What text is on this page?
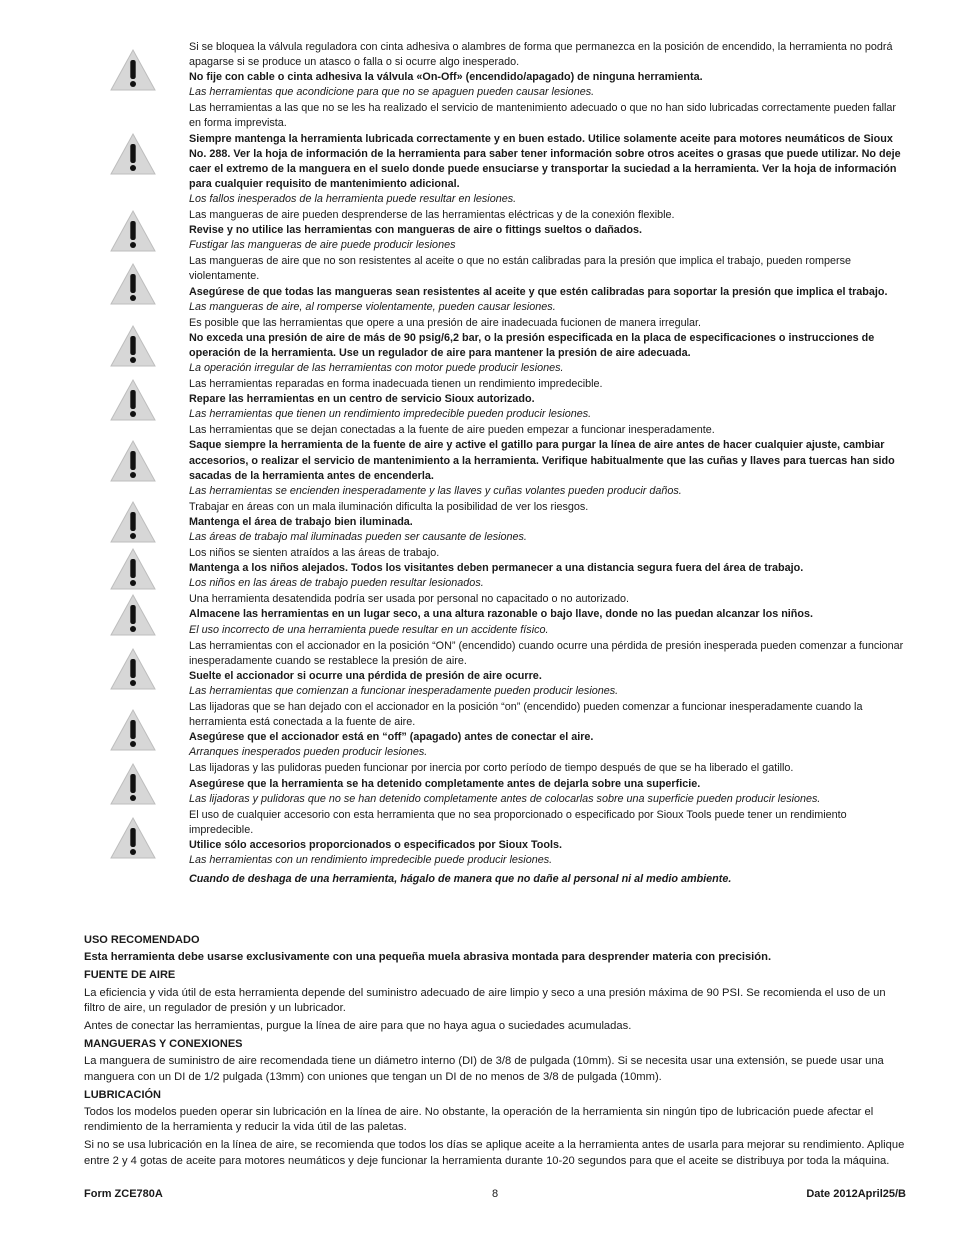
Si se bloquea la válvula reguladora con cinta adhesiva o alambres de forma que permanezca en la posición de encendido, la herramienta no podrá apagarse si se produce un atasco o falla o si ocurre algo inesperado.

No fije con cable o cinta adhesiva la válvula «On-Off» (encendido/apagado) de ninguna herramienta.

Las herramientas que acondicione para que no se apaguen pueden causar lesiones.

Las herramientas a las que no se les ha realizado el servicio de mantenimiento adecuado o que no han sido lubricadas correctamente pueden fallar en forma imprevista.

Siempre mantenga la herramienta lubricada correctamente y en buen estado. Utilice solamente aceite para motores neumáticos de Sioux No. 288. Ver la hoja de información de la herramienta para saber tener información sobre otros aceites o grasas que puede utilizar. No deje caer el extremo de la manguera en el suelo donde puede ensuciarse y transportar la suciedad a la herramienta. Ver la hoja de información para cualquier requisito de mantenimiento adicional.

Los fallos inesperados de la herramienta puede resultar en lesiones.

Las mangueras de aire pueden desprenderse de las herramientas eléctricas y de la conexión flexible.

Revise y no utilice las herramientas con mangueras de aire o fittings sueltos o dañados.

Fustigar las mangueras de aire puede producir lesiones

Las mangueras de aire que no son resistentes al aceite o que no están calibradas para la presión que implica el trabajo, pueden romperse violentamente.

Asegúrese de que todas las mangueras sean resistentes al aceite y que estén calibradas para soportar la presión que implica el trabajo.

Las mangueras de aire, al romperse violentamente, pueden causar lesiones.

Es posible que las herramientas que opere a una presión de aire inadecuada fucionen de manera irregular.

No exceda una presión de aire de más de 90 psig/6,2 bar, o la presión especificada en la placa de especificaciones o instrucciones de operación de la herramienta. Use un regulador de aire para mantener la presión de aire adecuada.

La operación irregular de las herramientas con motor puede producir lesiones.

Las herramientas reparadas en forma inadecuada tienen un rendimiento impredecible.

Repare las herramientas en un centro de servicio Sioux autorizado.

Las herramientas que tienen un rendimiento impredecible pueden producir lesiones.

Las herramientas que se dejan conectadas a la fuente de aire pueden empezar a funcionar inesperadamente.

Saque siempre la herramienta de la fuente de aire y active el gatillo para purgar la línea de aire antes de hacer cualquier ajuste, cambiar accesorios, o realizar el servicio de mantenimiento a la herramienta. Verifique habitualmente que las cuñas y llaves para tuercas han sido sacadas de la herramienta antes de encenderla.

Las herramientas se encienden inesperadamente y las llaves y cuñas volantes pueden producir daños.

Trabajar en áreas con un mala iluminación dificulta la posibilidad de ver los riesgos.

Mantenga el área de trabajo bien iluminada.

Las áreas de trabajo mal iluminadas pueden ser causante de lesiones.

Los niños se sienten atraídos a las áreas de trabajo.

Mantenga a los niños alejados. Todos los visitantes deben permanecer a una distancia segura fuera del área de trabajo.

Los niños en las áreas de trabajo pueden resultar lesionados.

Una herramienta desatendida podría ser usada por personal no capacitado o no autorizado.

Almacene las herramientas en un lugar seco, a una altura razonable o bajo llave, donde no las puedan alcanzar los niños.

El uso incorrecto de una herramienta puede resultar en un accidente físico.

Las herramientas con el accionador en la posición “ON” (encendido) cuando ocurre una pérdida de presión inesperada pueden comenzar a funcionar inesperadamente cuando se restablece la presión de aire.

Suelte el accionador si ocurre una pérdida de presión de aire ocurre.

Las herramientas que comienzan a funcionar inesperadamente pueden producir lesiones.

Las lijadoras que se han dejado con el accionador en la posición “on” (encendido) pueden comenzar a funcionar inesperadamente cuando la herramienta está conectada a la fuente de aire.

Asegúrese que el accionador está en “off” (apagado) antes de conectar el aire.

Arranques inesperados pueden producir lesiones.

Las lijadoras y las pulidoras pueden funcionar por inercia por corto período de tiempo después de que se ha liberado el gatillo.

Asegúrese que la herramienta se ha detenido completamente antes de dejarla sobre una superficie.

Las lijadoras y pulidoras que no se han detenido completamente antes de colocarlas sobre una superficie pueden producir lesiones.

El uso de cualquier accesorio con esta herramienta que no sea proporcionado o especificado por Sioux Tools puede tener un rendimiento impredecible.

Utilice sólo accesorios proporcionados o especificados por Sioux Tools.

Las herramientas con un rendimiento impredecible puede producir lesiones.

Cuando de deshaga de una herramienta, hágalo de manera que no dañe al personal ni al medio ambiente.

USO RECOMENDADO

Esta herramienta debe usarse exclusivamente con una pequeña muela abrasiva montada para desprender materia con precisión.

FUENTE DE AIRE

La eficiencia y vida útil de esta herramienta depende del suministro adecuado de aire limpio y seco a una presión máxima de 90 PSI. Se recomienda el uso de un filtro de aire, un regulador de presión y un lubricador.

Antes de conectar las herramientas, purgue la línea de aire para que no haya agua o suciedades acumuladas.

MANGUERAS Y CONEXIONES

La manguera de suministro de aire recomendada tiene un diámetro interno (DI) de 3/8 de pulgada (10mm). Si se necesita usar una extensión, se puede usar una manguera con un DI de 1/2 pulgada (13mm) con uniones que tengan un DI de no menos de 3/8 de pulgada (10mm).

LUBRICACIÓN

Todos los modelos pueden operar sin lubricación en la línea de aire. No obstante, la operación de la herramienta sin ningún tipo de lubricación puede afectar el rendimiento de la herramienta y reducir la vida útil de las paletas.

Si no se usa lubricación en la línea de aire, se recomienda que todos los días se aplique aceite a la herramienta antes de usarla para mejorar su rendimiento. Aplique entre 2 y 4 gotas de aceite para motores neumáticos y deje funcionar la herramienta durante 10-20 segundos para que el aceite se distribuya por toda la máquina.

Form ZCE780A	8	Date 2012April25/B
